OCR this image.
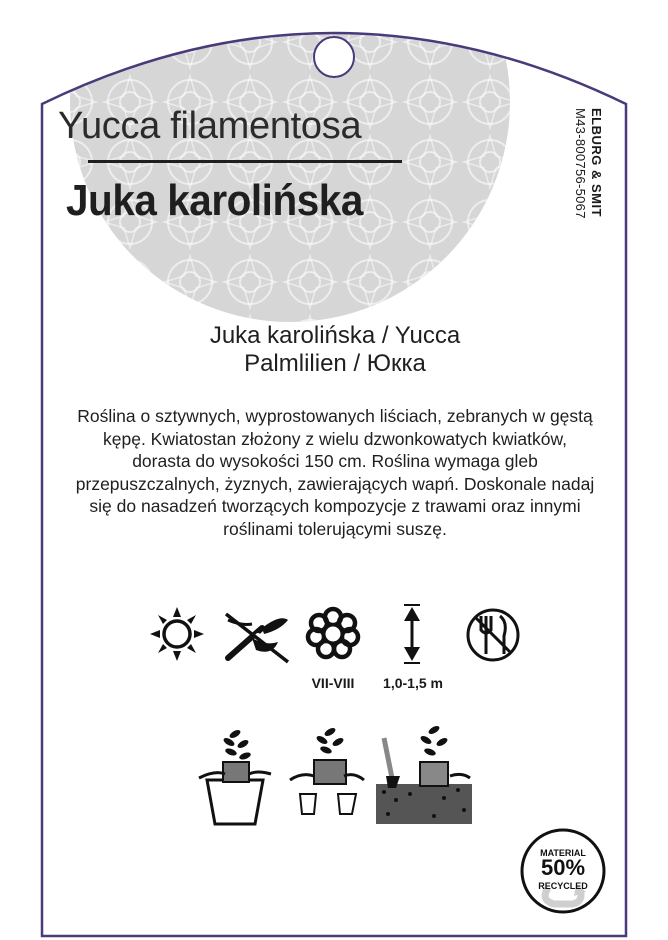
Yucca filamentosa
Juka karolińska	ELBURG & SMIT
M43-800756-5067
Juka karolińska / Yucca
Palmlilien / Юкка
Roślina o sztywnych, wyprostowanych liściach, zebranych w gęstą kępę. Kwiatostan złożony z wielu dzwonkowatych kwiatków, dorasta do wysokości 150 cm. Roślina wymaga gleb przepuszczalnych, żyznych, zawierających wapń. Doskonale nadaj się do nasadzeń tworzących kompozycje z trawami oraz innymi roślinami tolerującymi suszę.
VII-VIII	1,0-1,5 m
MATERIAL
50%
RECYCLED
